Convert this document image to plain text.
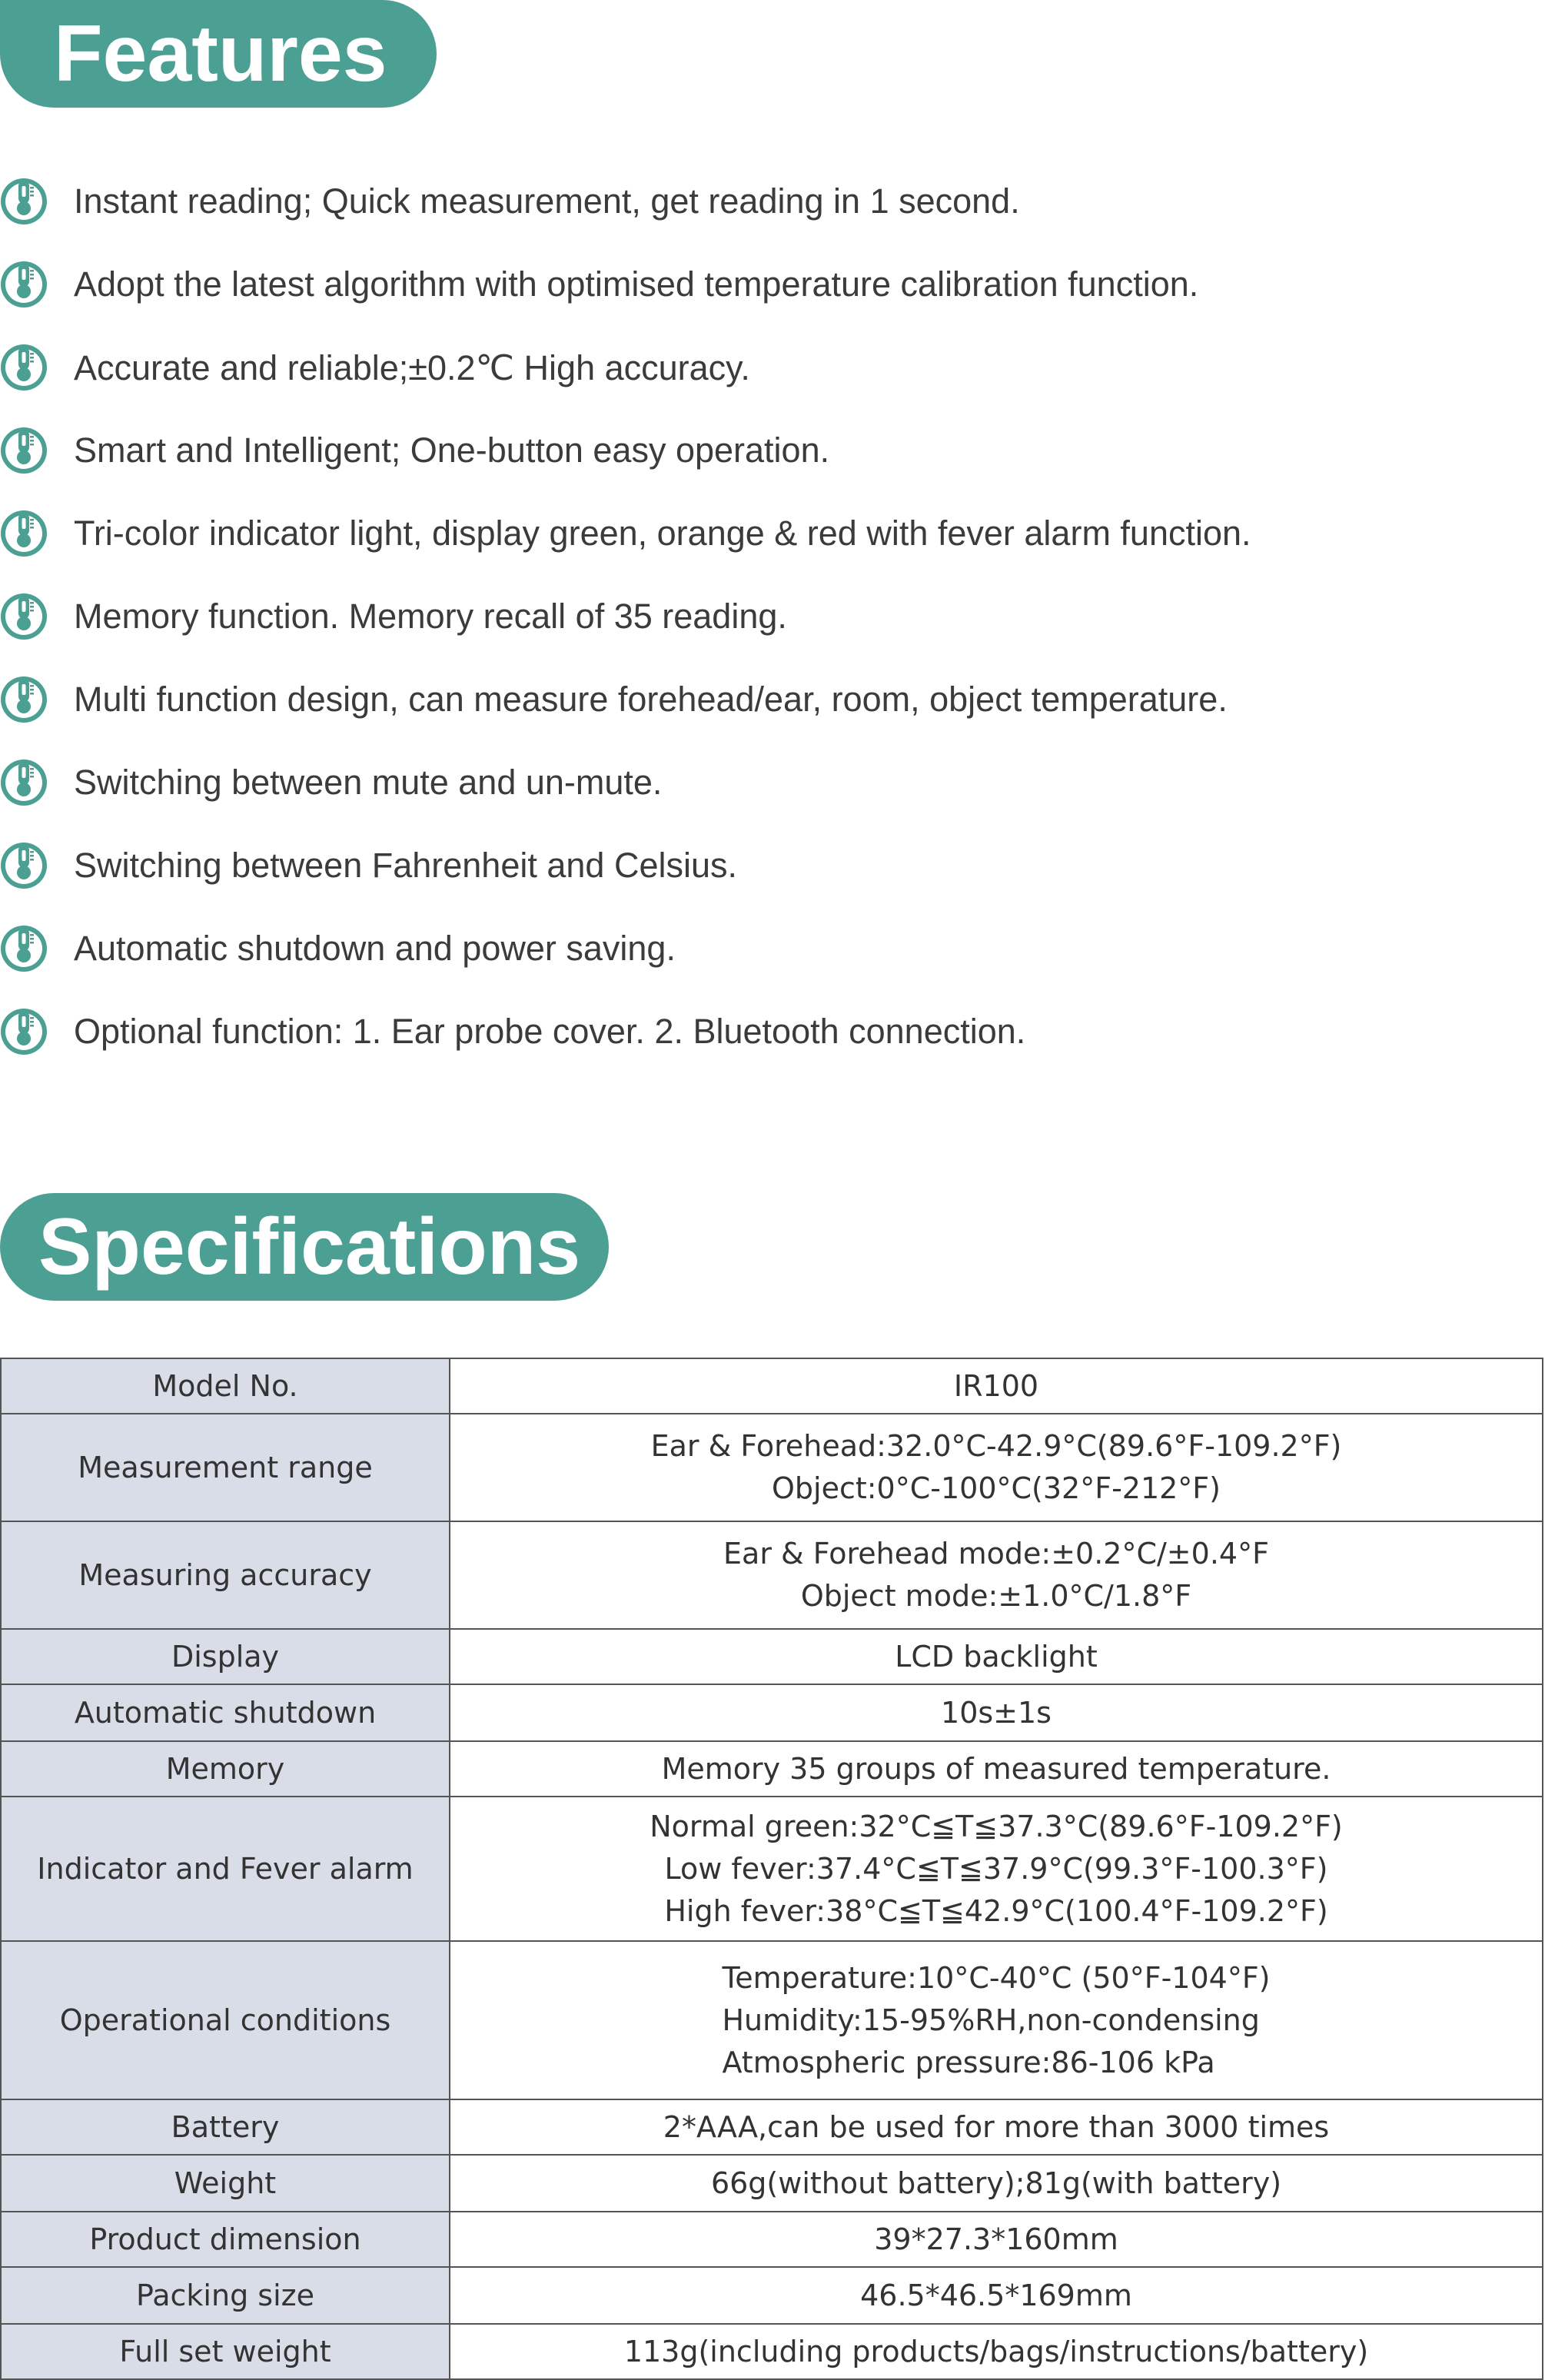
Features
Instant reading; Quick measurement, get reading in 1 second.
Adopt the latest algorithm with optimised temperature calibration function.
Accurate and reliable;±0.2℃ High accuracy.
Smart and Intelligent; One-button easy operation.
Tri-color indicator light, display green, orange & red with fever alarm function.
Memory function. Memory recall of 35 reading.
Multi function design, can measure forehead/ear, room, object temperature.
Switching between mute and un-mute.
Switching between Fahrenheit and Celsius.
Automatic shutdown and power saving.
Optional function: 1. Ear probe cover. 2. Bluetooth connection.
Specifications
Model No.	IR100

Measurement range	Ear & Forehead:32.0°C-42.9°C(89.6°F-109.2°F)
Object:0°C-100°C(32°F-212°F)

Measuring accuracy	Ear & Forehead mode:±0.2°C/±0.4°F
Object mode:±1.0°C/1.8°F

Display	LCD backlight

Automatic shutdown	10s±1s

Memory	Memory 35 groups of measured temperature.

Indicator and Fever alarm	Normal green:32°C≦T≦37.3°C(89.6°F-109.2°F)
Low fever:37.4°C≦T≦37.9°C(99.3°F-100.3°F)
High fever:38°C≦T≦42.9°C(100.4°F-109.2°F)

Operational conditions	Temperature:10°C-40°C (50°F-104°F)
Humidity:15-95%RH,non-condensing
Atmospheric pressure:86-106 kPa

Battery	2*AAA,can be used for more than 3000 times

Weight	66g(without battery);81g(with battery)

Product dimension	39*27.3*160mm

Packing size	46.5*46.5*169mm

Full set weight	113g(including products/bags/instructions/battery)
